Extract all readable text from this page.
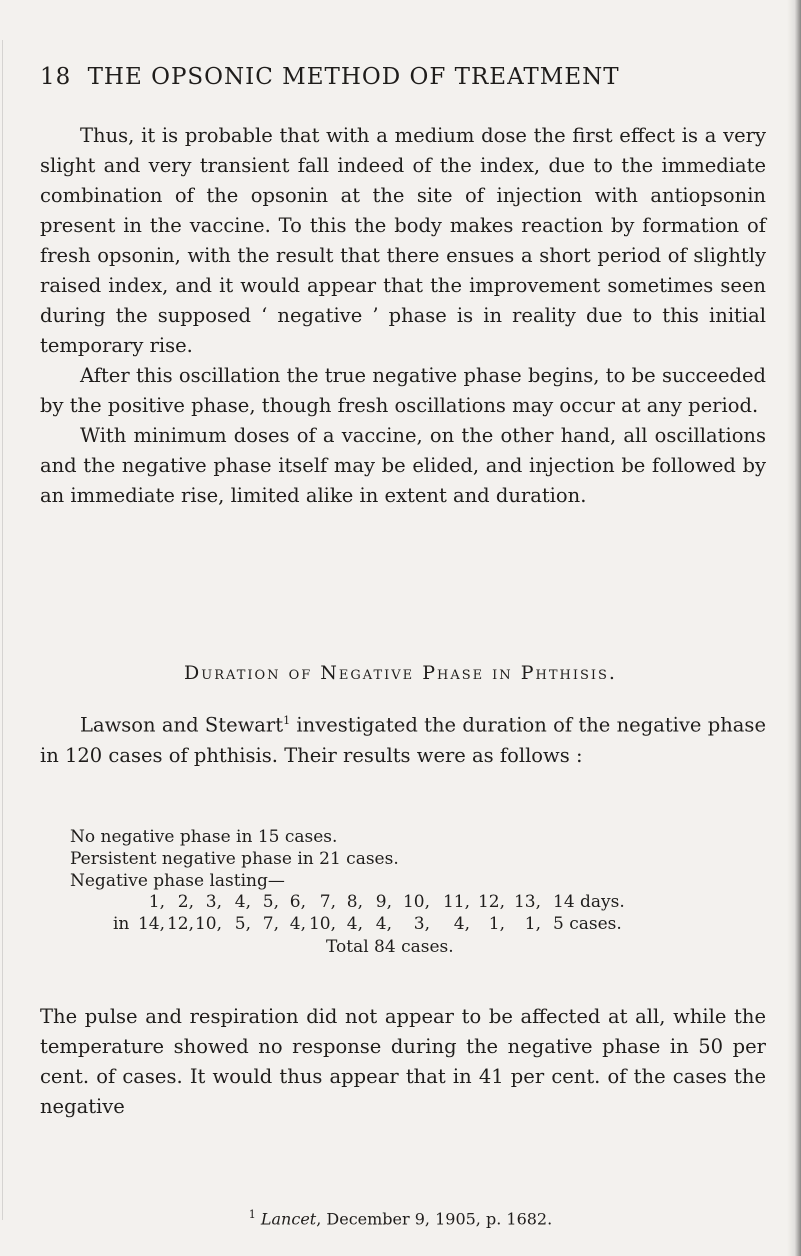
18 THE OPSONIC METHOD OF TREATMENT

Thus, it is probable that with a medium dose the first effect is a very slight and very transient fall indeed of the index, due to the immediate combination of the opsonin at the site of injection with antiopsonin present in the vaccine. To this the body makes reaction by formation of fresh opsonin, with the result that there ensues a short period of slightly raised index, and it would appear that the improvement sometimes seen during the supposed ‘ negative ’ phase is in reality due to this initial temporary rise.

After this oscillation the true negative phase begins, to be succeeded by the positive phase, though fresh oscillations may occur at any period.

With minimum doses of a vaccine, on the other hand, all oscillations and the negative phase itself may be elided, and injection be followed by an immediate rise, limited alike in extent and duration.

Duration of Negative Phase in Phthisis.

Lawson and Stewart$^1$ investigated the duration of the negative phase in 120 cases of phthisis. Their results were as follows :

No negative phase in 15 cases.
Persistent negative phase in 21 cases.
Negative phase lasting—
1, 2, 3, 4, 5, 6, 7, 8, 9, 10, 11, 12, 13, 14 days.
in 14, 12, 10, 5, 7, 4, 10, 4, 4,	3,	4,	1,	1, 5 cases.
Total 84 cases.

The pulse and respiration did not appear to be affected at all, while the temperature showed no response during the negative phase in 50 per cent. of cases. It would thus appear that in 41 per cent. of the cases the negative

$^1$ Lancet, December 9, 1905, p. 1682.
